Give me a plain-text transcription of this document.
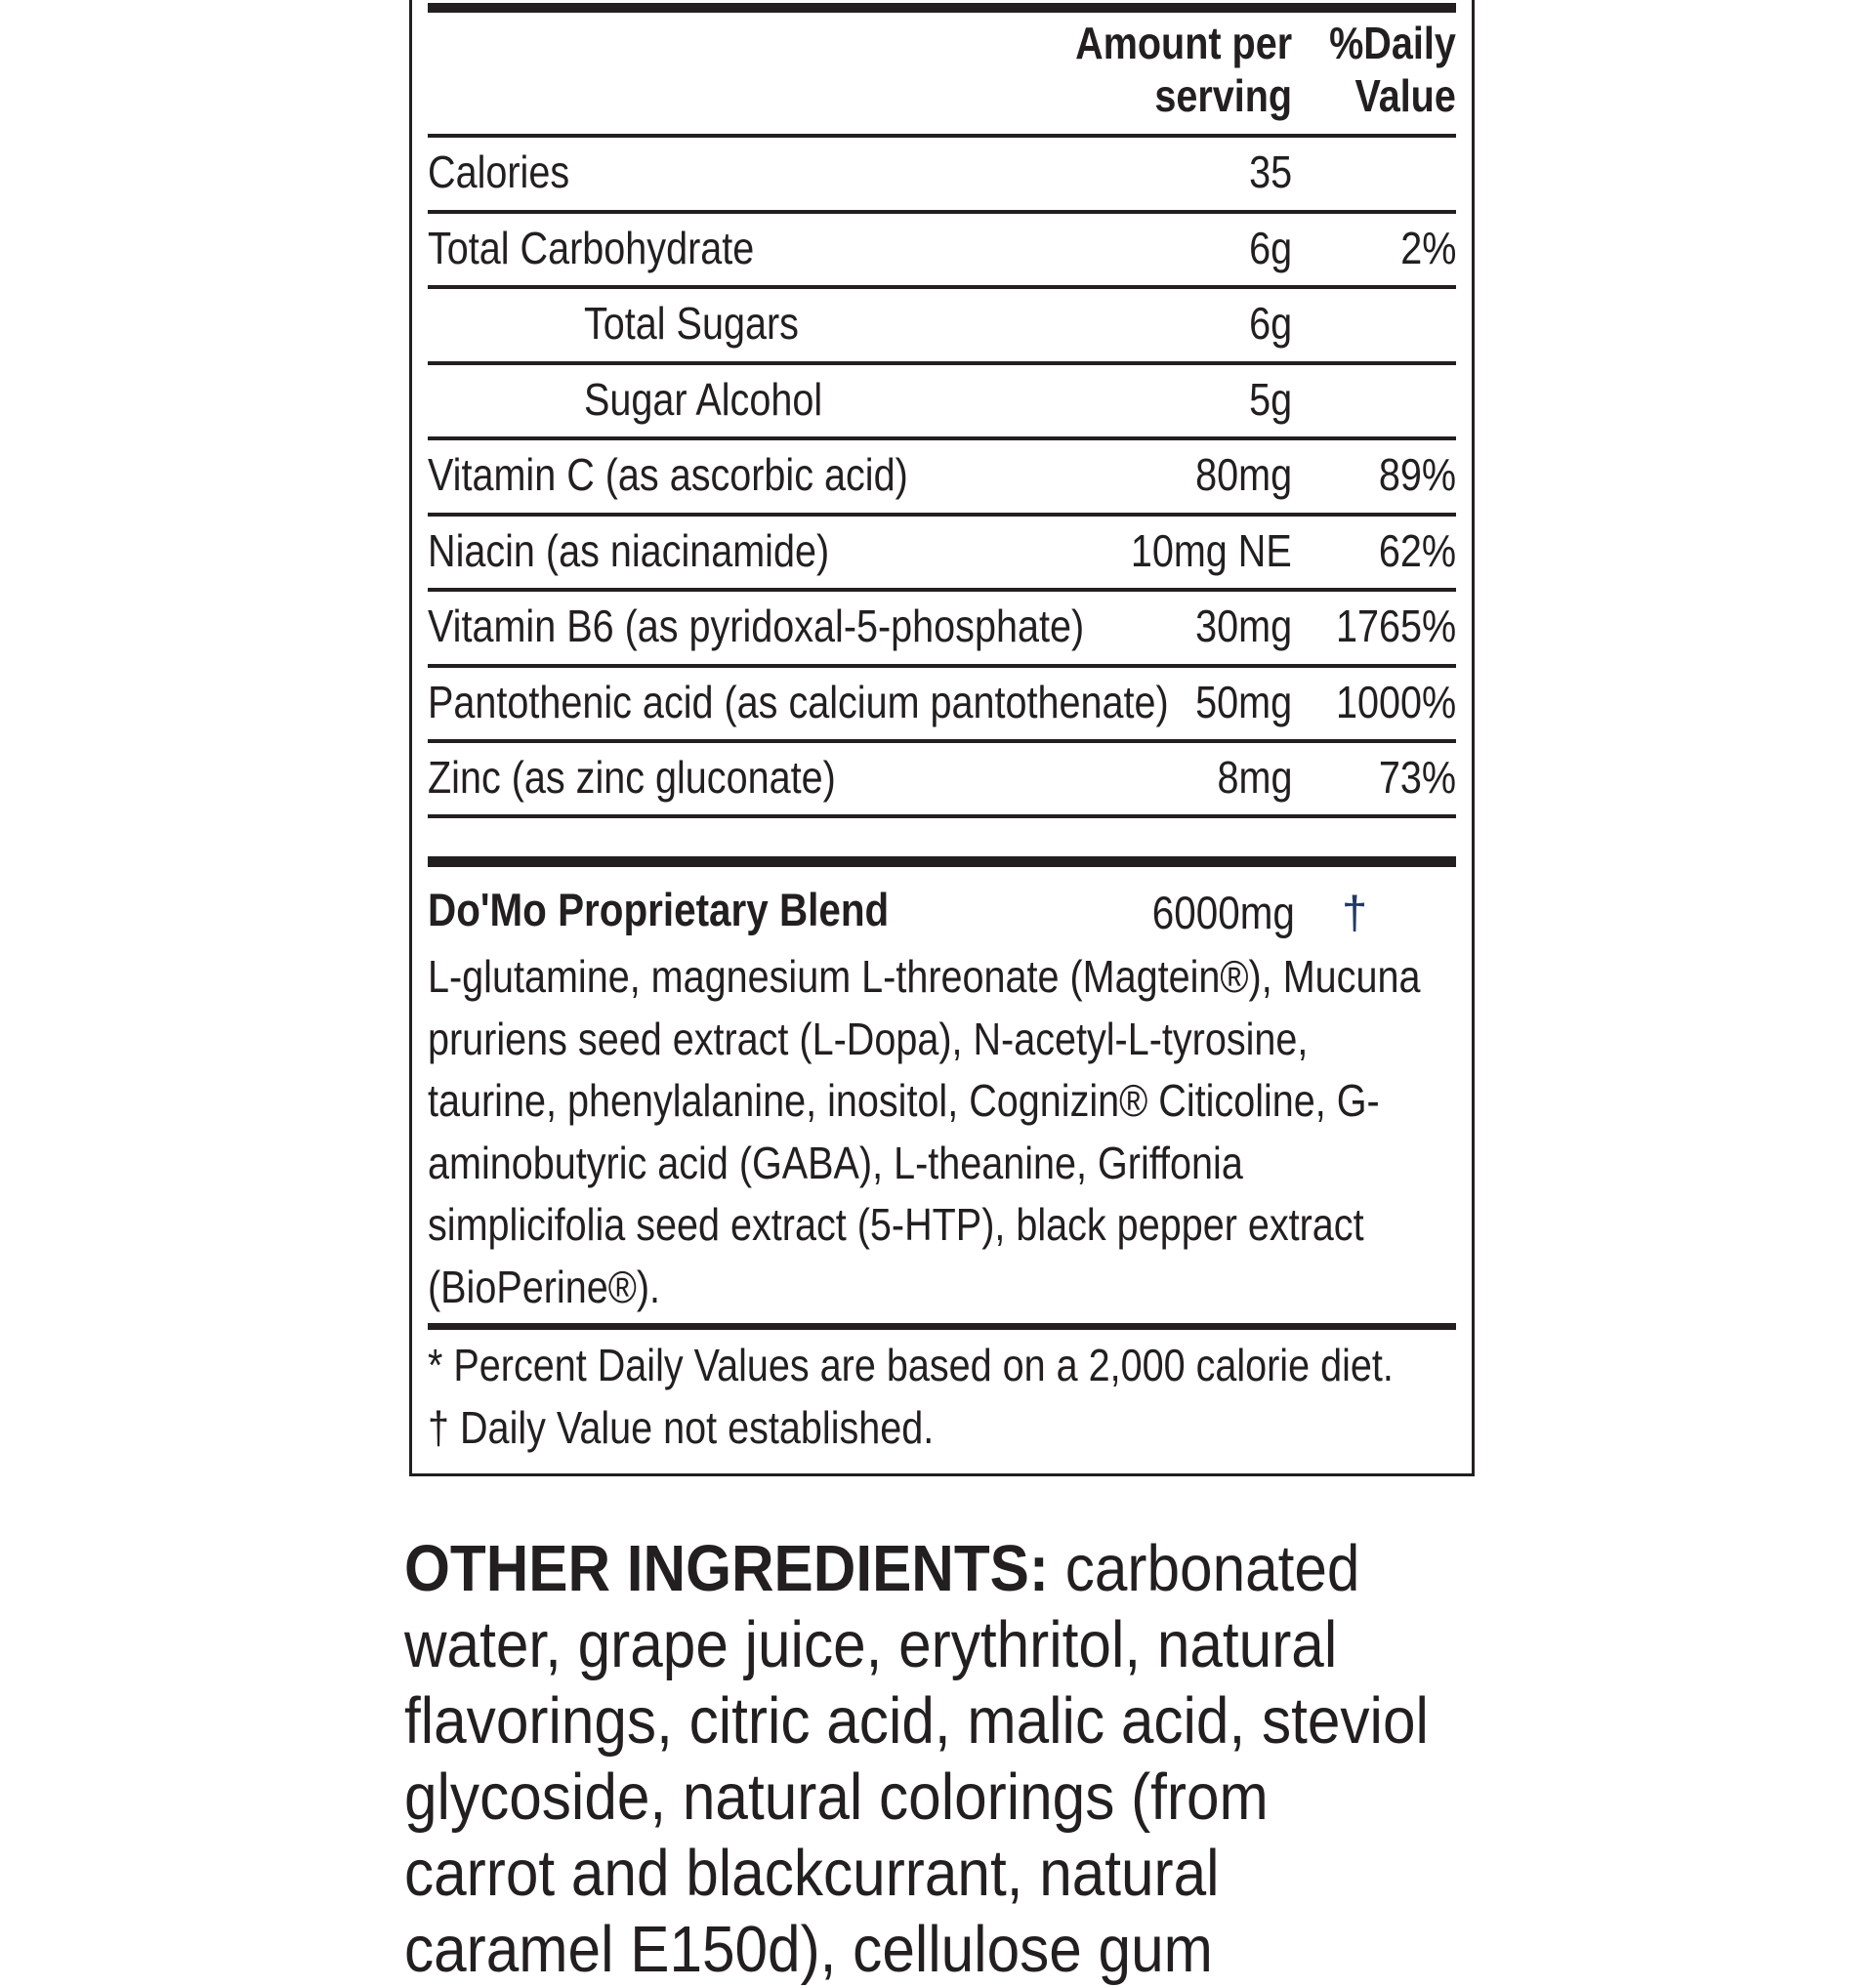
Amount per
serving
%Daily
Value
Calories	35
Total Carbohydrate	6g 2%
Total Sugars	6g
Sugar Alcohol	5g
Vitamin C (as ascorbic acid)	80mg 89%
Niacin (as niacinamide)	10mg NE 62%
Vitamin B6 (as pyridoxal-5-phosphate) 30mg 1765%
Pantothenic acid (as calcium pantothenate) 50mg 1000%
Zinc (as zinc gluconate)	8mg 73%
Do'Mo Proprietary Blend	6000mg †
L-glutamine, magnesium L-threonate (Magtein®), Mucuna pruriens seed extract (L-Dopa), N-acetyl-L-tyrosine, taurine, phenylalanine, inositol, Cognizin® Citicoline, G-aminobutyric acid (GABA), L-theanine, Griffonia simplicifolia seed extract (5-HTP), black pepper extract (BioPerine®).
* Percent Daily Values are based on a 2,000 calorie diet.
† Daily Value not established.
OTHER INGREDIENTS: carbonated water, grape juice, erythritol, natural flavorings, citric acid, malic acid, steviol glycoside, natural colorings (from carrot and blackcurrant, natural caramel E150d), cellulose gum
